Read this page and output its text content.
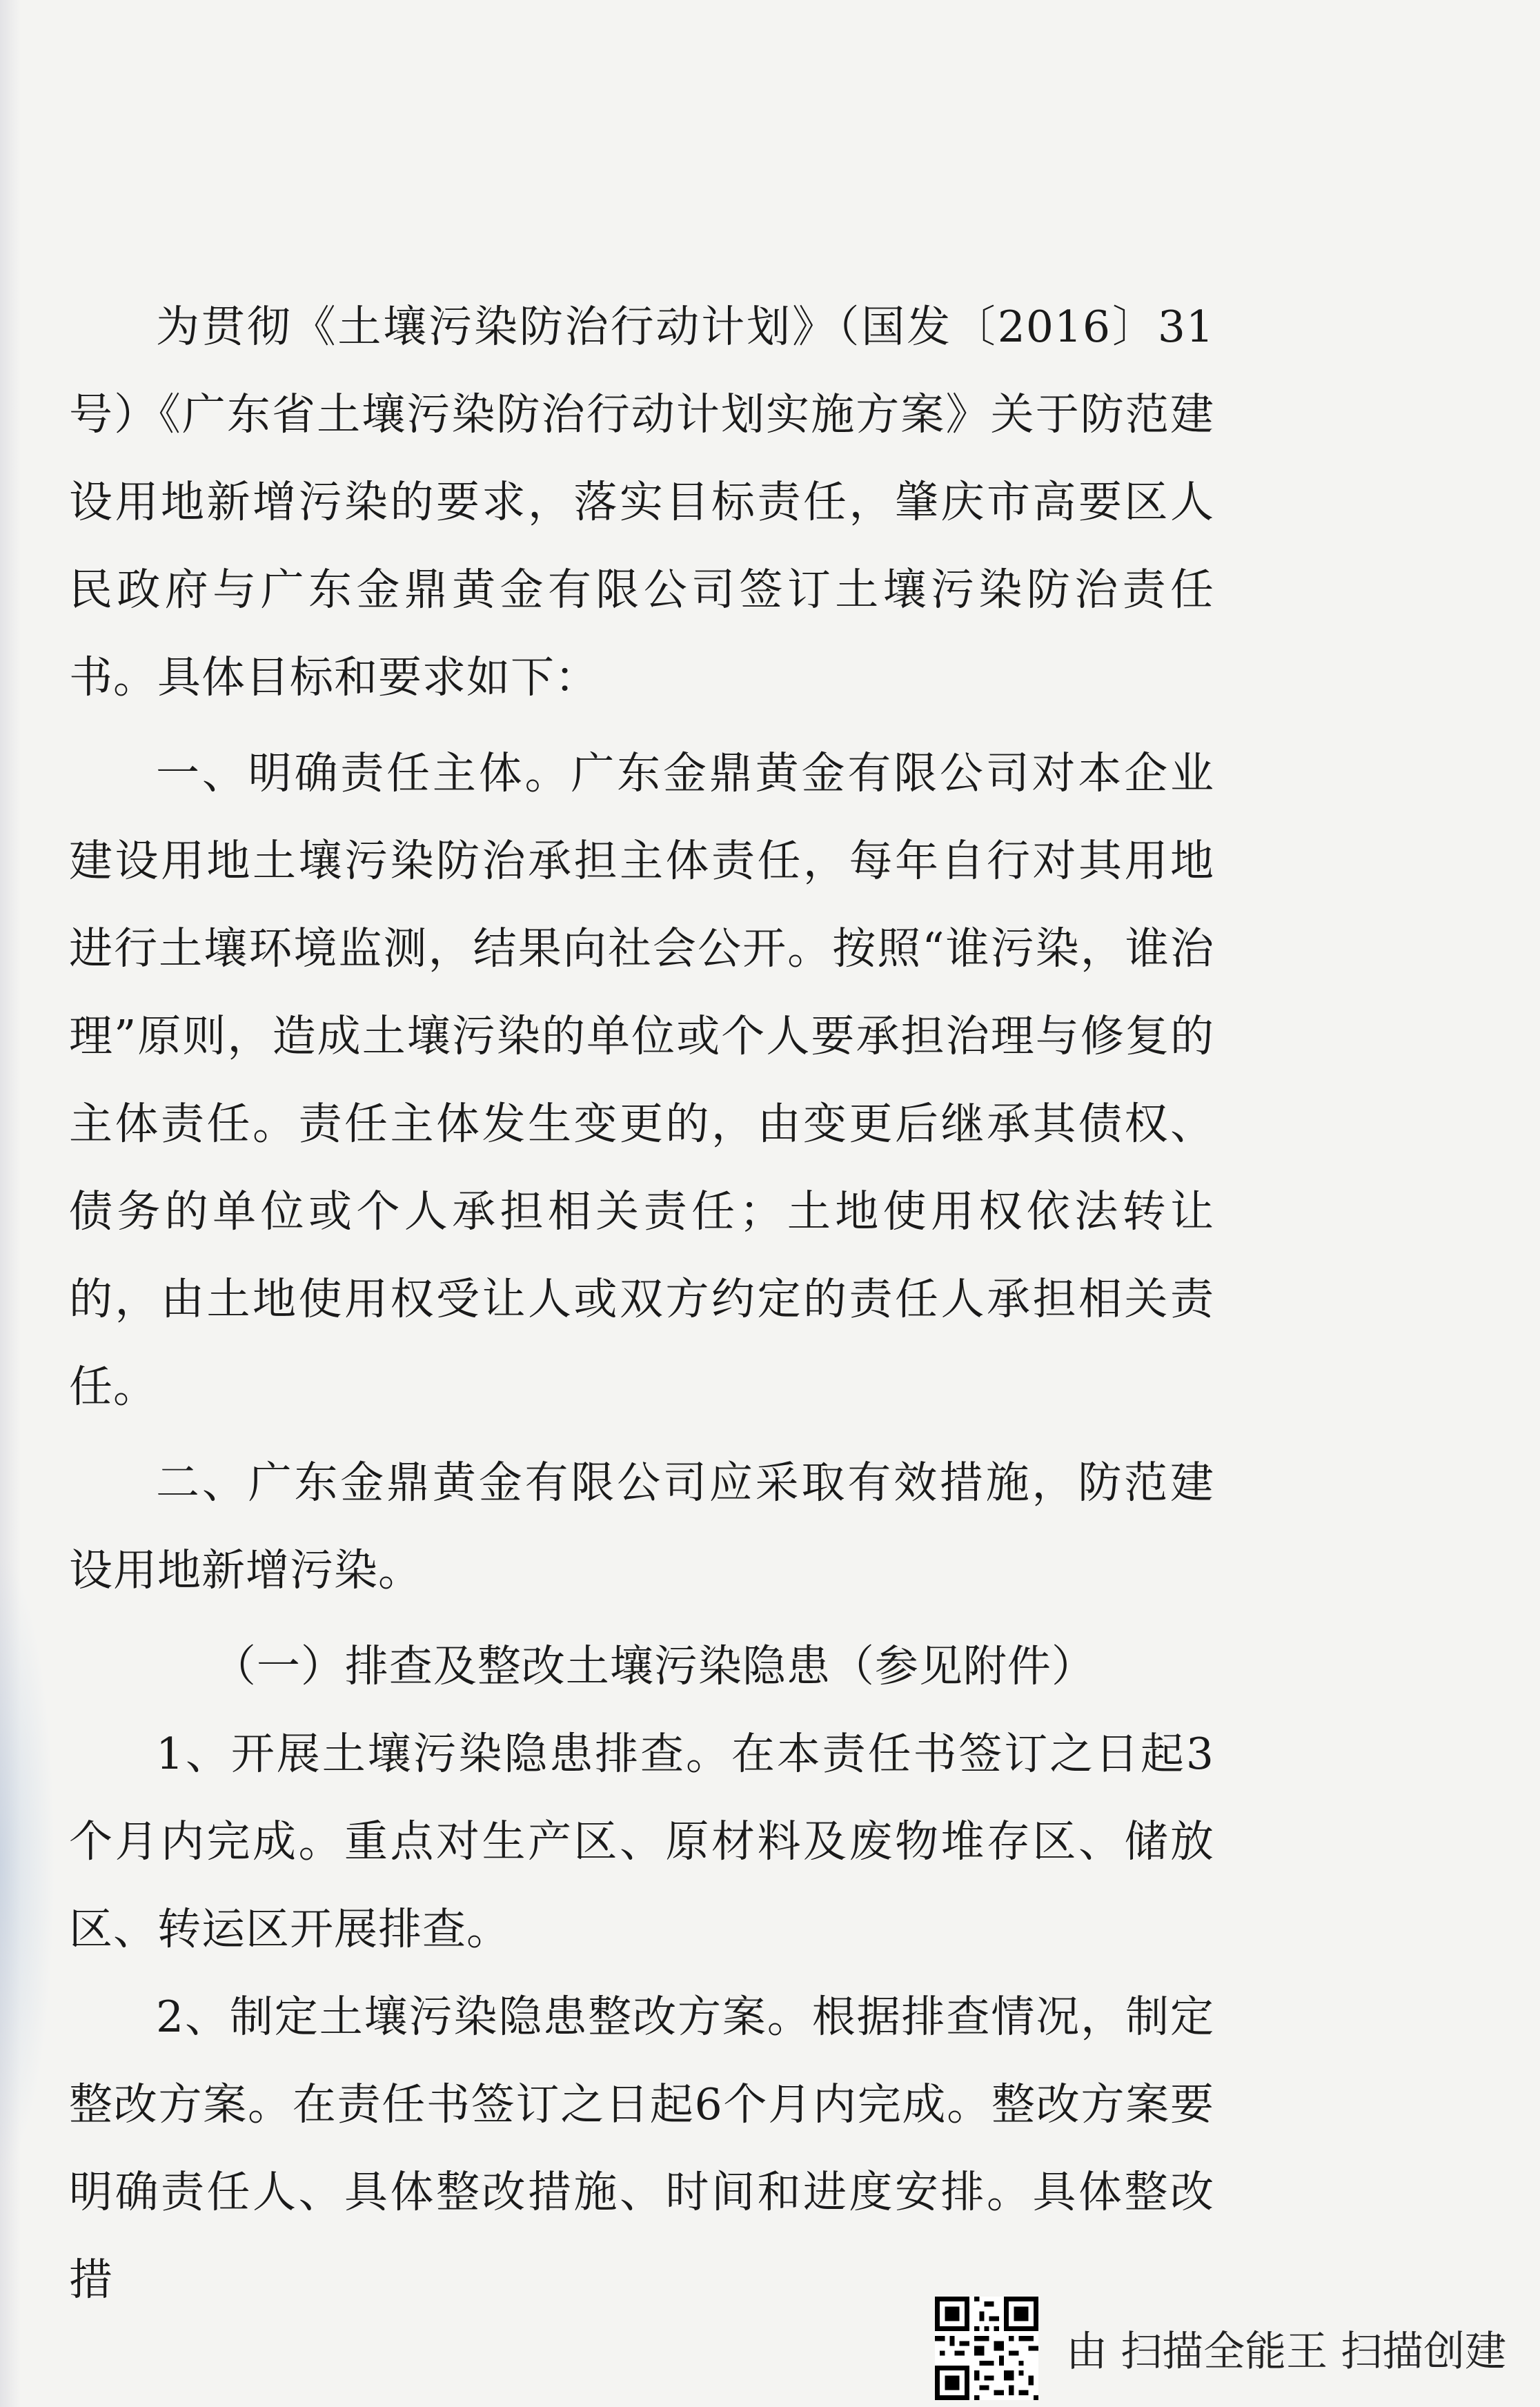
为贯彻《土壤污染防治行动计划》（国发〔2016〕31号）《广东省土壤污染防治行动计划实施方案》关于防范建设用地新增污染的要求，落实目标责任，肇庆市高要区人民政府与广东金鼎黄金有限公司签订土壤污染防治责任书。具体目标和要求如下：

一、明确责任主体。广东金鼎黄金有限公司对本企业建设用地土壤污染防治承担主体责任，每年自行对其用地进行土壤环境监测，结果向社会公开。按照“谁污染，谁治理”原则，造成土壤污染的单位或个人要承担治理与修复的主体责任。责任主体发生变更的，由变更后继承其债权、债务的单位或个人承担相关责任；土地使用权依法转让的，由土地使用权受让人或双方约定的责任人承担相关责任。

二、广东金鼎黄金有限公司应采取有效措施，防范建设用地新增污染。

（一）排查及整改土壤污染隐患（参见附件）

1、开展土壤污染隐患排查。在本责任书签订之日起3个月内完成。重点对生产区、原材料及废物堆存区、储放区、转运区开展排查。

2、制定土壤污染隐患整改方案。根据排查情况，制定整改方案。在责任书签订之日起6个月内完成。整改方案要明确责任人、具体整改措施、时间和进度安排。具体整改措

由 扫描全能王 扫描创建
